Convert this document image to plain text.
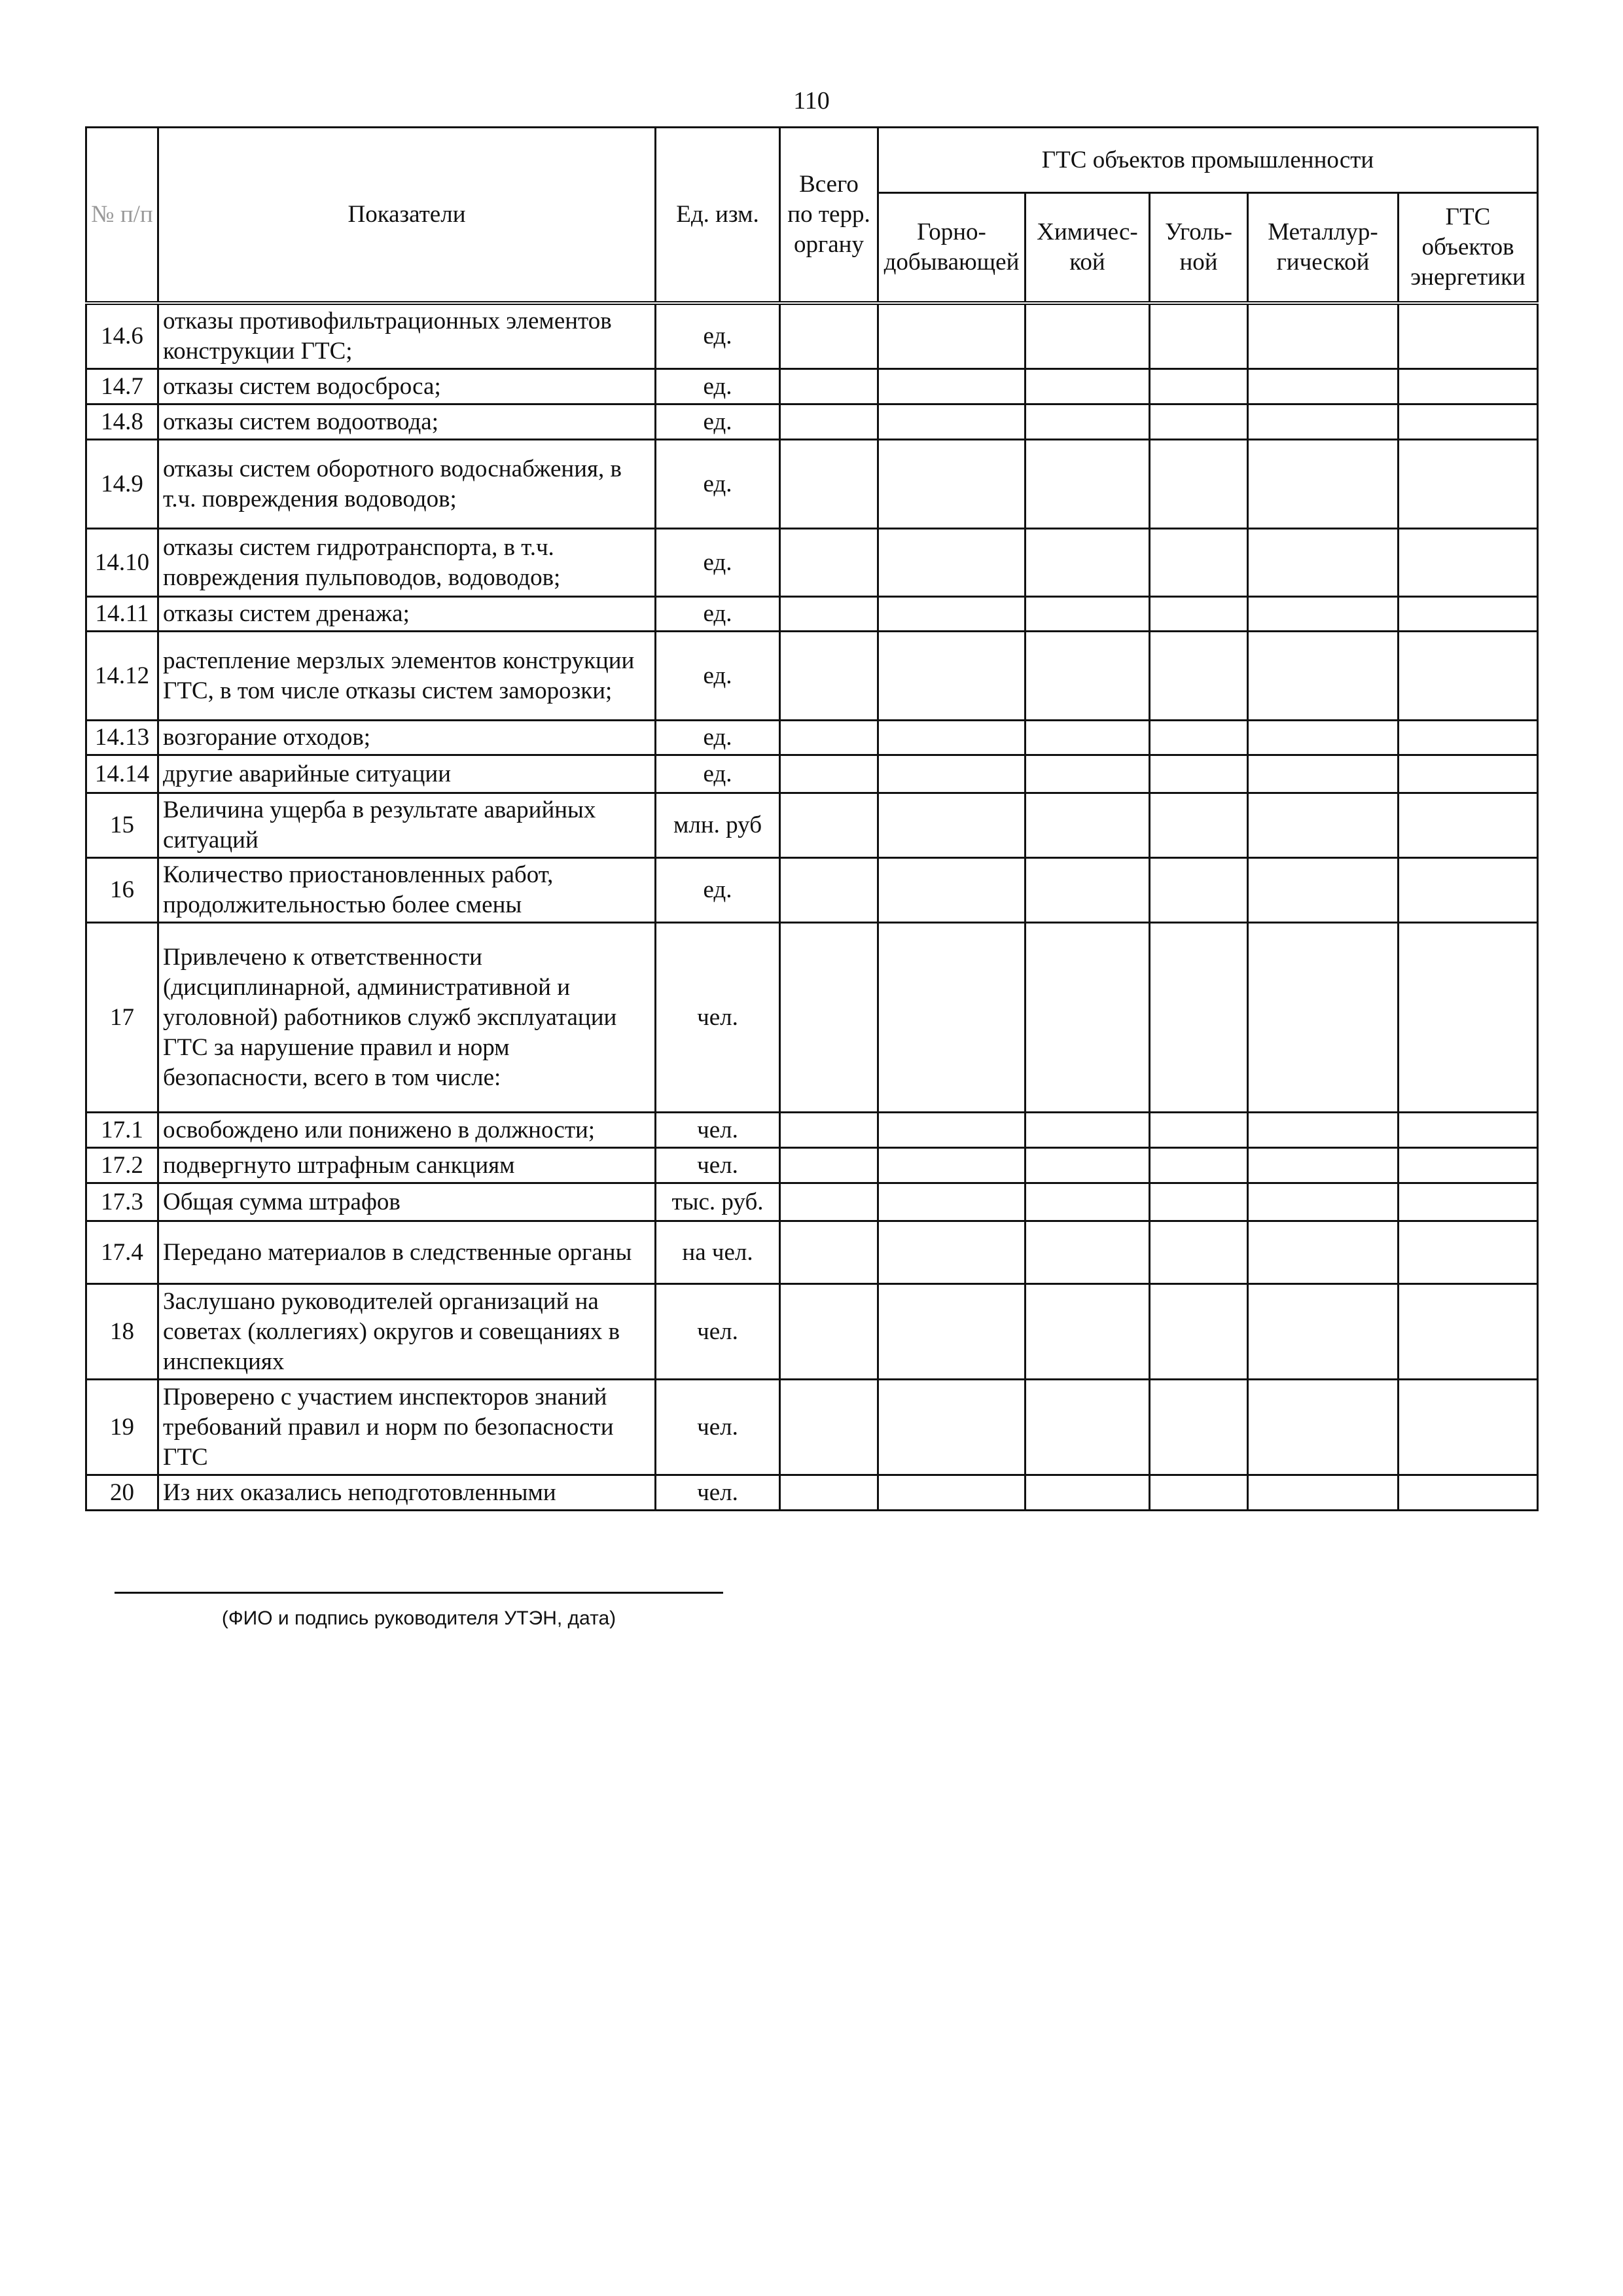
110
№ п/п	Показатели	Ед. изм.	Всего по терр. органу	ГТС объектов промышленности				
				Горно-добывающей	Химичес-кой	Уголь-ной	Металлур-гической	ГТС объектов энергетики
14.6	отказы противофильтрационных элементов конструкции ГТС;	ед.						
14.7	отказы систем водосброса;	ед.						
14.8	отказы систем водоотвода;	ед.						
14.9	отказы систем оборотного водоснабжения, в т.ч. повреждения водоводов;	ед.						
14.10	отказы систем гидротранспорта, в т.ч. повреждения пульповодов, водоводов;	ед.						
14.11	отказы систем дренажа;	ед.						
14.12	растепление мерзлых элементов конструкции ГТС, в том числе отказы систем заморозки;	ед.						
14.13	возгорание отходов;	ед.						
14.14	другие аварийные ситуации	ед.						
15	Величина ущерба в результате аварийных ситуаций	млн. руб						
16	Количество приостановленных работ, продолжительностью более смены	ед.						
17	Привлечено к ответственности (дисциплинарной, административной и уголовной) работников служб эксплуатации ГТС за нарушение правил и норм безопасности, всего в том числе:	чел.						
17.1	освобождено или понижено в должности;	чел.						
17.2	подвергнуто штрафным санкциям	чел.						
17.3	Общая сумма штрафов	тыс. руб.						
17.4	Передано материалов в следственные органы	на чел.						
18	Заслушано руководителей организаций на советах (коллегиях) округов и совещаниях в инспекциях	чел.						
19	Проверено с участием инспекторов знаний требований правил и норм по безопасности ГТС	чел.						
20	Из них оказались неподготовленными	чел.						
(ФИО и подпись руководителя УТЭН, дата)
